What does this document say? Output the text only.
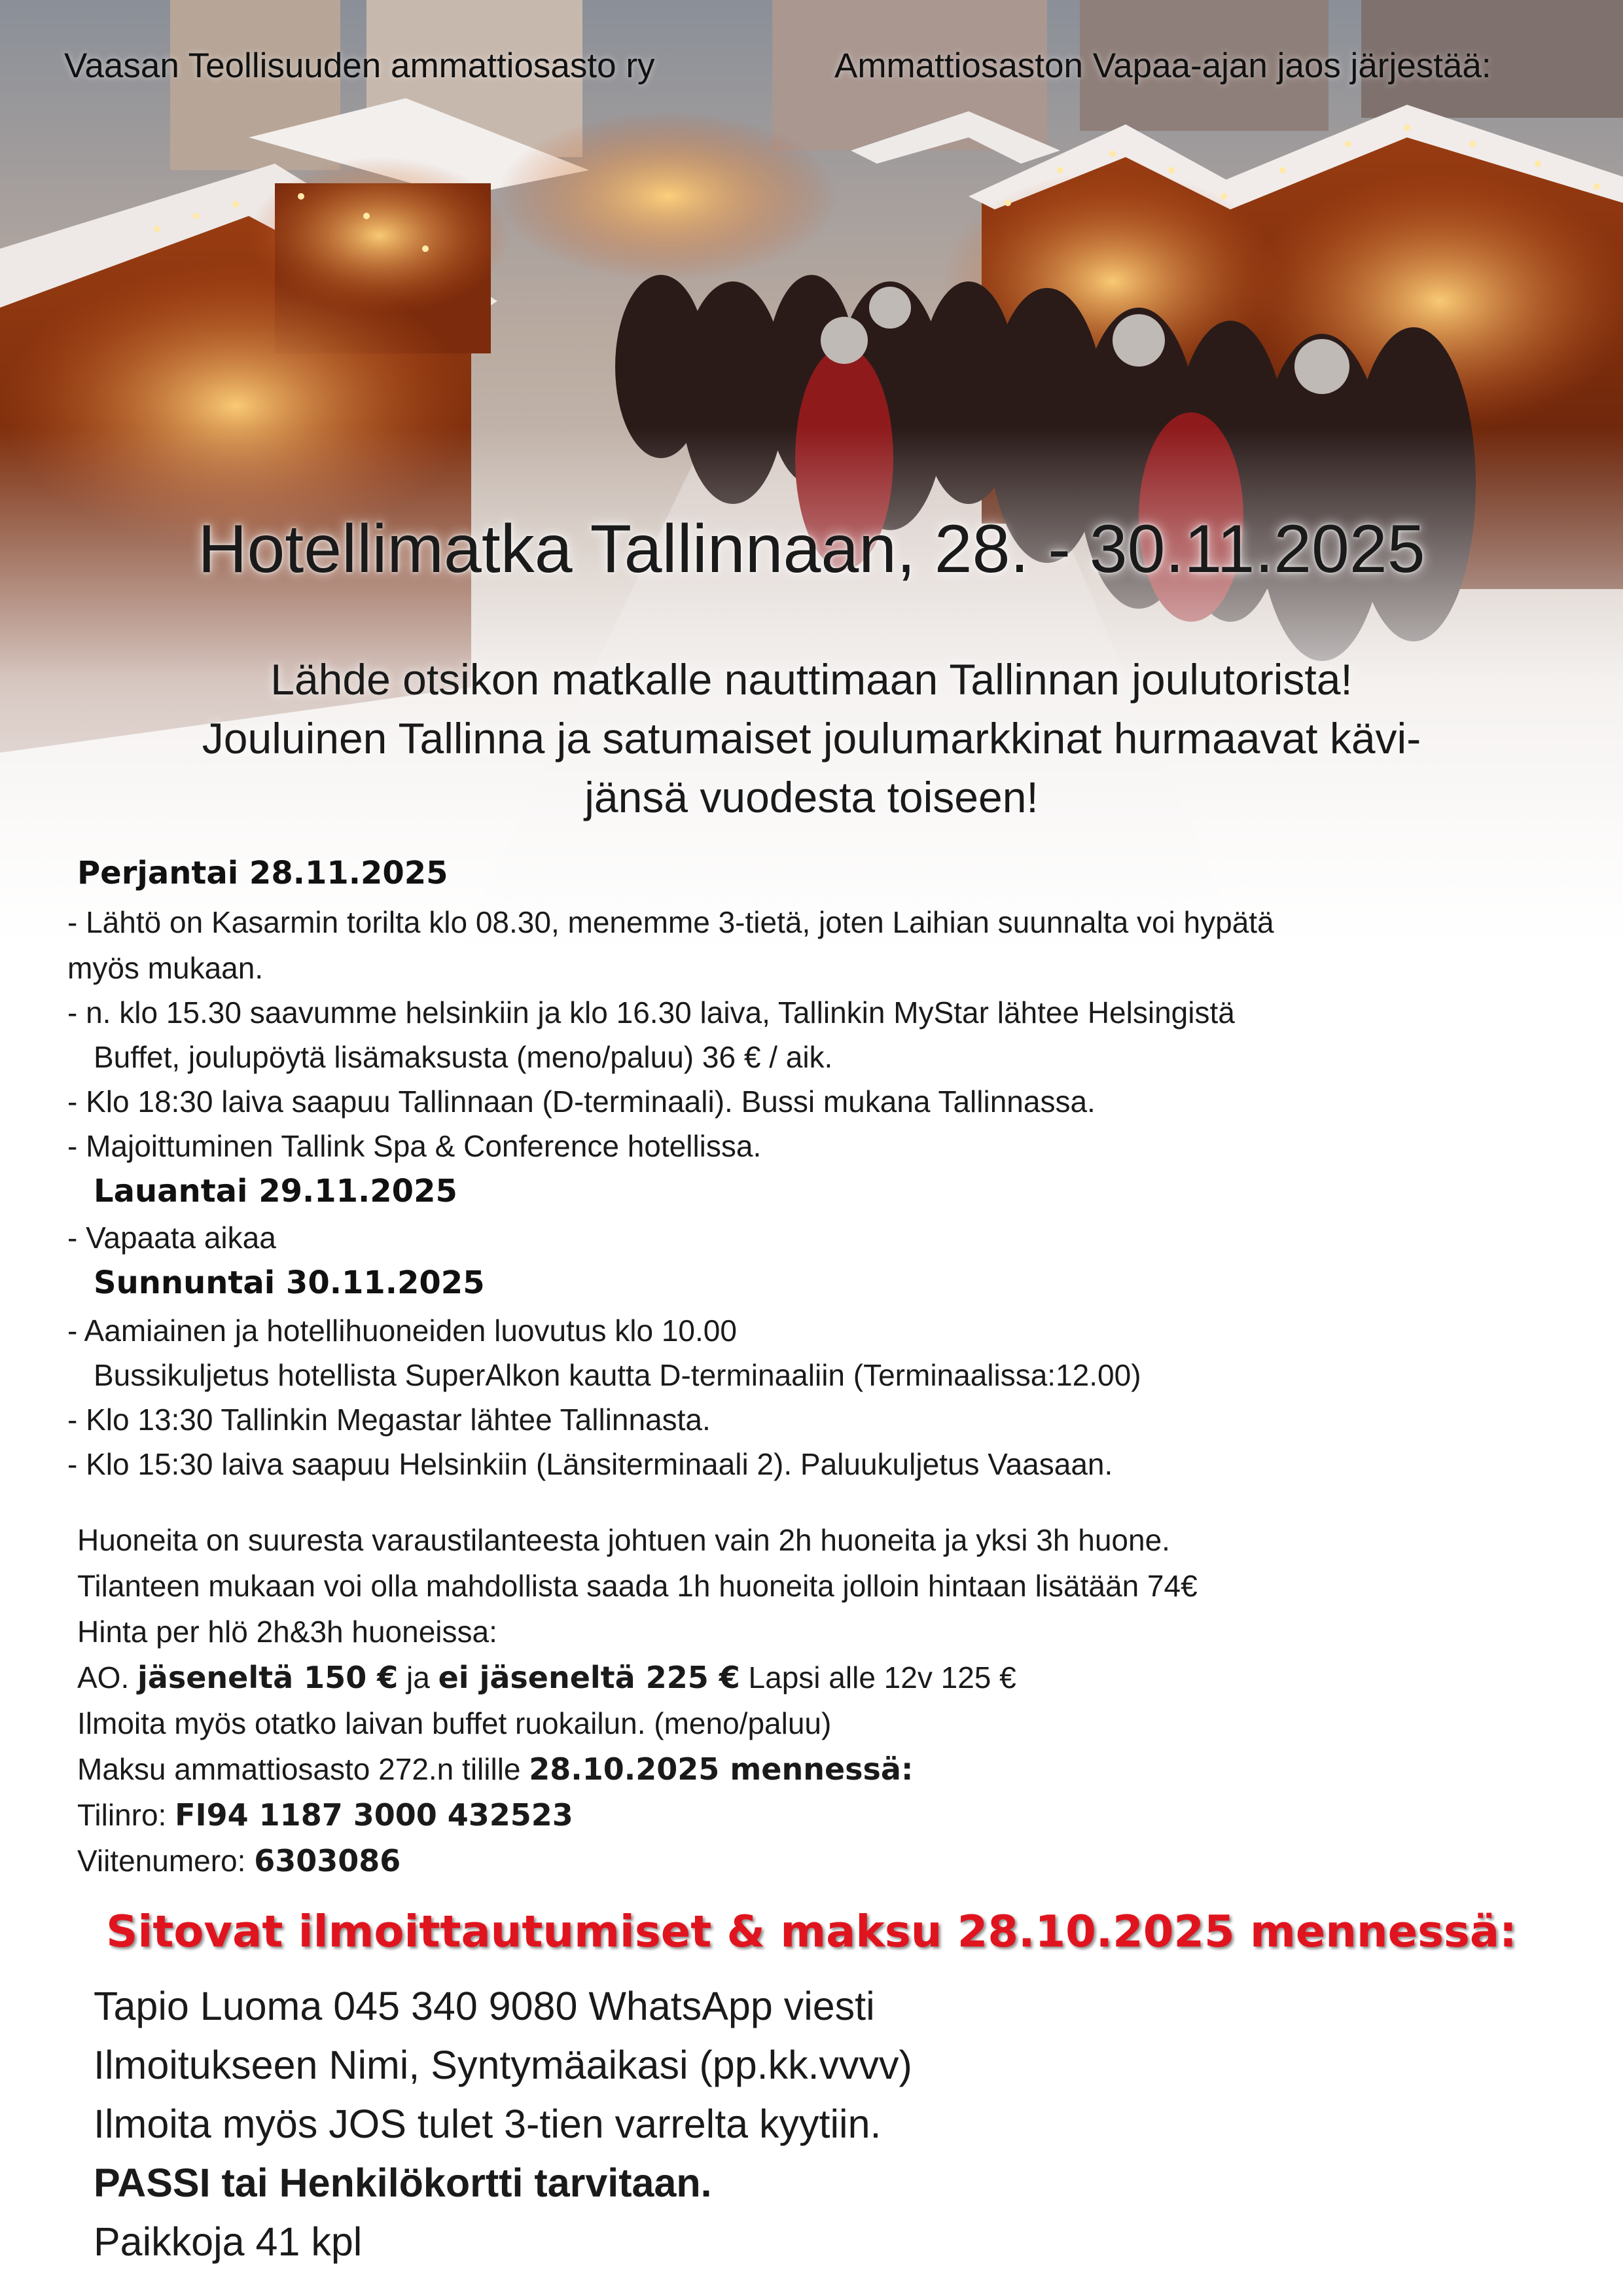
Vaasan Teollisuuden ammattiosasto ry	Ammattiosaston Vapaa-ajan jaos järjestää:
Hotellimatka Tallinnaan, 28. - 30.11.2025
Lähde otsikon matkalle nauttimaan Tallinnan joulutorista!
Jouluinen Tallinna ja satumaiset joulumarkkinat hurmaavat kävi-
jänsä vuodesta toiseen!
Perjantai 28.11.2025
- Lähtö on Kasarmin torilta klo 08.30, menemme 3-tietä, joten Laihian suunnalta voi hypätä
myös mukaan.
- n. klo 15.30 saavumme helsinkiin ja klo 16.30 laiva, Tallinkin MyStar lähtee Helsingistä
Buffet, joulupöytä lisämaksusta (meno/paluu) 36 € / aik.
- Klo 18:30 laiva saapuu Tallinnaan (D-terminaali). Bussi mukana Tallinnassa.
- Majoittuminen Tallink Spa & Conference hotellissa.
Lauantai 29.11.2025
- Vapaata aikaa
Sunnuntai 30.11.2025
- Aamiainen ja hotellihuoneiden luovutus klo 10.00
Bussikuljetus hotellista SuperAlkon kautta D-terminaaliin (Terminaalissa:12.00)
- Klo 13:30 Tallinkin Megastar lähtee Tallinnasta.
- Klo 15:30 laiva saapuu Helsinkiin (Länsiterminaali 2). Paluukuljetus Vaasaan.
Huoneita on suuresta varaustilanteesta johtuen vain 2h huoneita ja yksi 3h huone.
Tilanteen mukaan voi olla mahdollista saada 1h huoneita jolloin hintaan lisätään 74€
Hinta per hlö 2h&3h huoneissa:
AO. jäseneltä 150 € ja ei jäseneltä 225 € Lapsi alle 12v 125 €
Ilmoita myös otatko laivan buffet ruokailun. (meno/paluu)
Maksu ammattiosasto 272.n tilille 28.10.2025 mennessä:
Tilinro: FI94 1187 3000 432523
Viitenumero: 6303086
Sitovat ilmoittautumiset & maksu 28.10.2025 mennessä:
Tapio Luoma 045 340 9080 WhatsApp viesti
Ilmoitukseen Nimi, Syntymäaikasi (pp.kk.vvvv)
Ilmoita myös JOS tulet 3-tien varrelta kyytiin.
PASSI tai Henkilökortti tarvitaan.
Paikkoja 41 kpl
